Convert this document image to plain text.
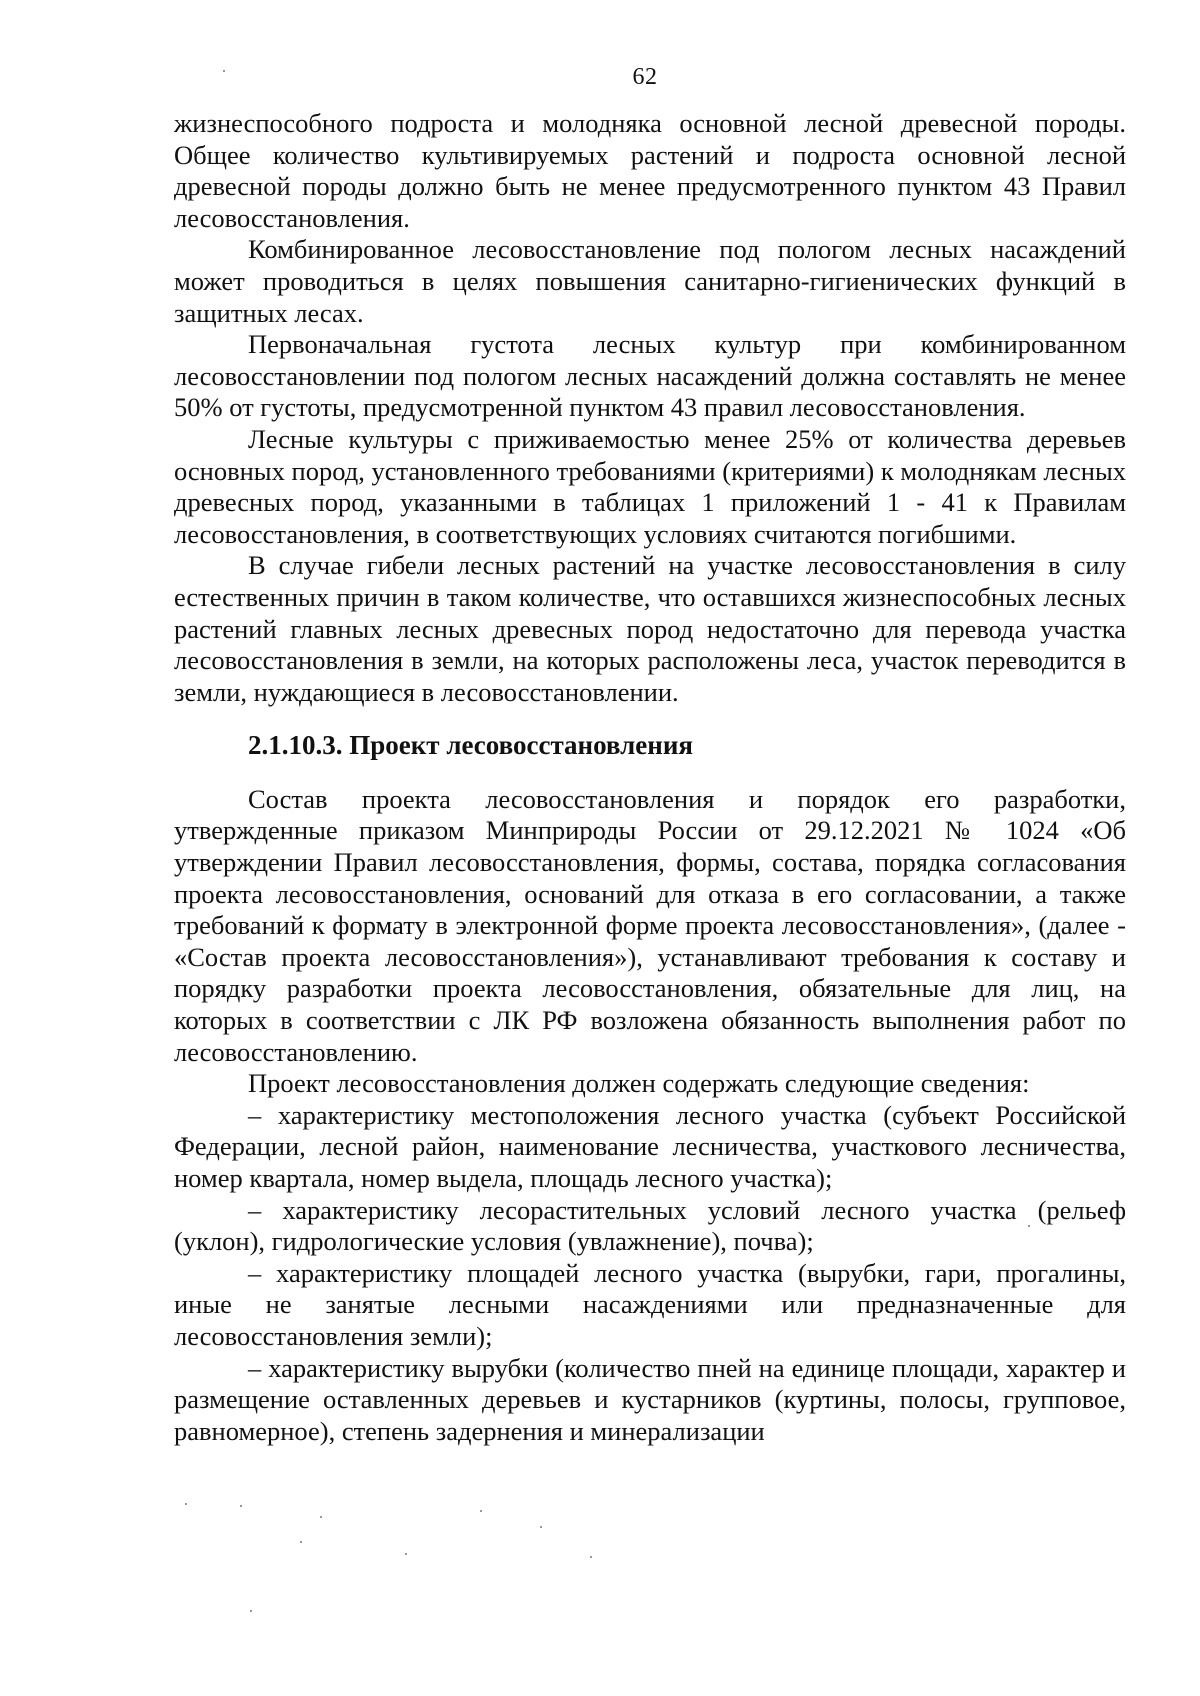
62

жизнеспособного подроста и молодняка основной лесной древесной породы. Общее количество культивируемых растений и подроста основной лесной древесной породы должно быть не менее предусмотренного пунктом 43 Правил лесовосстановления.

Комбинированное лесовосстановление под пологом лесных насаждений может проводиться в целях повышения санитарно-гигиенических функций в защитных лесах.

Первоначальная густота лесных культур при комбинированном лесовосстановлении под пологом лесных насаждений должна составлять не менее 50% от густоты, предусмотренной пунктом 43 правил лесовосстановления.

Лесные культуры с приживаемостью менее 25% от количества деревьев основных пород, установленного требованиями (критериями) к молоднякам лесных древесных пород, указанными в таблицах 1 приложений 1 - 41 к Правилам лесовосстановления, в соответствующих условиях считаются погибшими.

В случае гибели лесных растений на участке лесовосстановления в силу естественных причин в таком количестве, что оставшихся жизнеспособных лесных растений главных лесных древесных пород недостаточно для перевода участка лесовосстановления в земли, на которых расположены леса, участок переводится в земли, нуждающиеся в лесовосстановлении.

2.1.10.3. Проект лесовосстановления

Состав проекта лесовосстановления и порядок его разработки, утвержденные приказом Минприроды России от 29.12.2021 № 1024 «Об утверждении Правил лесовосстановления, формы, состава, порядка согласования проекта лесовосстановления, оснований для отказа в его согласовании, а также требований к формату в электронной форме проекта лесовосстановления», (далее - «Состав проекта лесовосстановления»), устанавливают требования к составу и порядку разработки проекта лесовосстановления, обязательные для лиц, на которых в соответствии с ЛК РФ возложена обязанность выполнения работ по лесовосстановлению.

Проект лесовосстановления должен содержать следующие сведения:

– характеристику местоположения лесного участка (субъект Российской Федерации, лесной район, наименование лесничества, участкового лесничества, номер квартала, номер выдела, площадь лесного участка);

– характеристику лесорастительных условий лесного участка (рельеф (уклон), гидрологические условия (увлажнение), почва);

– характеристику площадей лесного участка (вырубки, гари, прогалины, иные не занятые лесными насаждениями или предназначенные для лесовосстановления земли);

– характеристику вырубки (количество пней на единице площади, характер и размещение оставленных деревьев и кустарников (куртины, полосы, групповое, равномерное), степень задернения и минерализации
